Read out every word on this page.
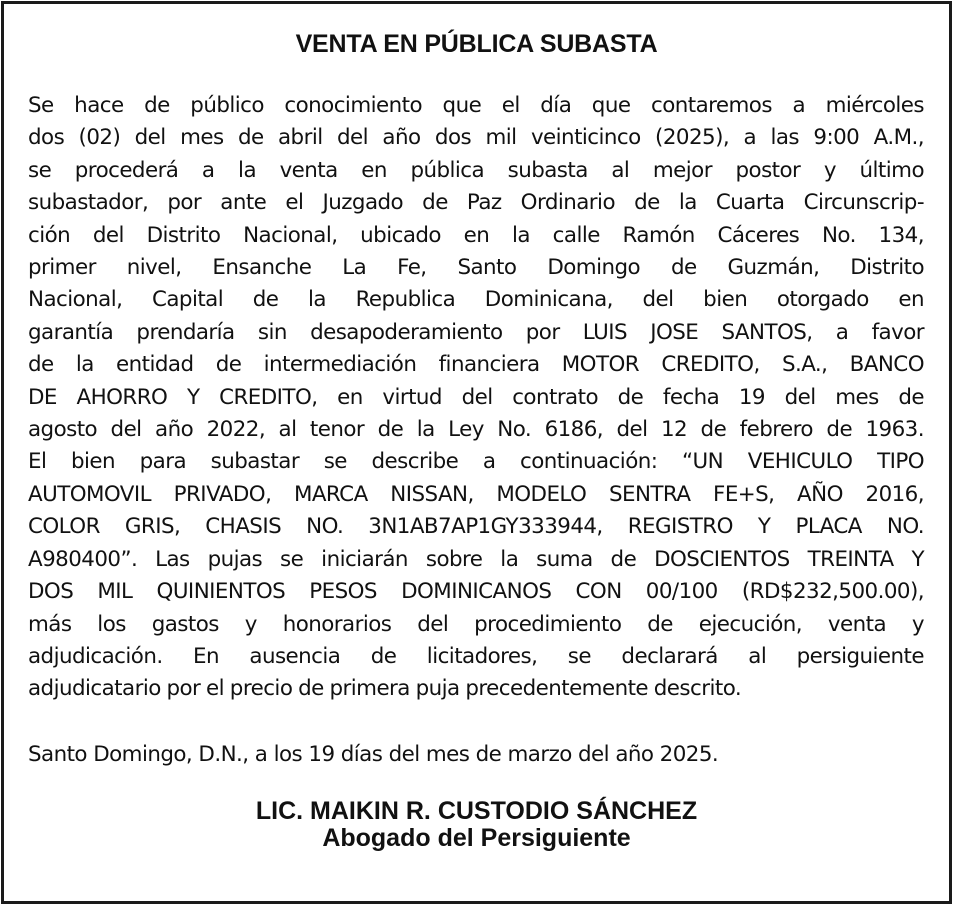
VENTA EN PÚBLICA SUBASTA
Se hace de público conocimiento que el día que contaremos a miércoles
dos (02) del mes de abril del año dos mil veinticinco (2025), a las 9:00 A.M.,
se procederá a la venta en pública subasta al mejor postor y último
subastador, por ante el Juzgado de Paz Ordinario de la Cuarta Circunscrip-
ción del Distrito Nacional, ubicado en la calle Ramón Cáceres No. 134,
primer nivel, Ensanche La Fe, Santo Domingo de Guzmán, Distrito
Nacional, Capital de la Republica Dominicana, del bien otorgado en
garantía prendaría sin desapoderamiento por LUIS JOSE SANTOS, a favor
de la entidad de intermediación financiera MOTOR CREDITO, S.A., BANCO
DE AHORRO Y CREDITO, en virtud del contrato de fecha 19 del mes de
agosto del año 2022, al tenor de la Ley No. 6186, del 12 de febrero de 1963.
El bien para subastar se describe a continuación: “UN VEHICULO TIPO
AUTOMOVIL PRIVADO, MARCA NISSAN, MODELO SENTRA FE+S, AÑO 2016,
COLOR GRIS, CHASIS NO. 3N1AB7AP1GY333944, REGISTRO Y PLACA NO.
A980400”. Las pujas se iniciarán sobre la suma de DOSCIENTOS TREINTA Y
DOS MIL QUINIENTOS PESOS DOMINICANOS CON 00/100 (RD$232,500.00),
más los gastos y honorarios del procedimiento de ejecución, venta y
adjudicación. En ausencia de licitadores, se declarará al persiguiente
adjudicatario por el precio de primera puja precedentemente descrito.

Santo Domingo, D.N., a los 19 días del mes de marzo del año 2025.

LIC. MAIKIN R. CUSTODIO SÁNCHEZ

Abogado del Persiguiente
